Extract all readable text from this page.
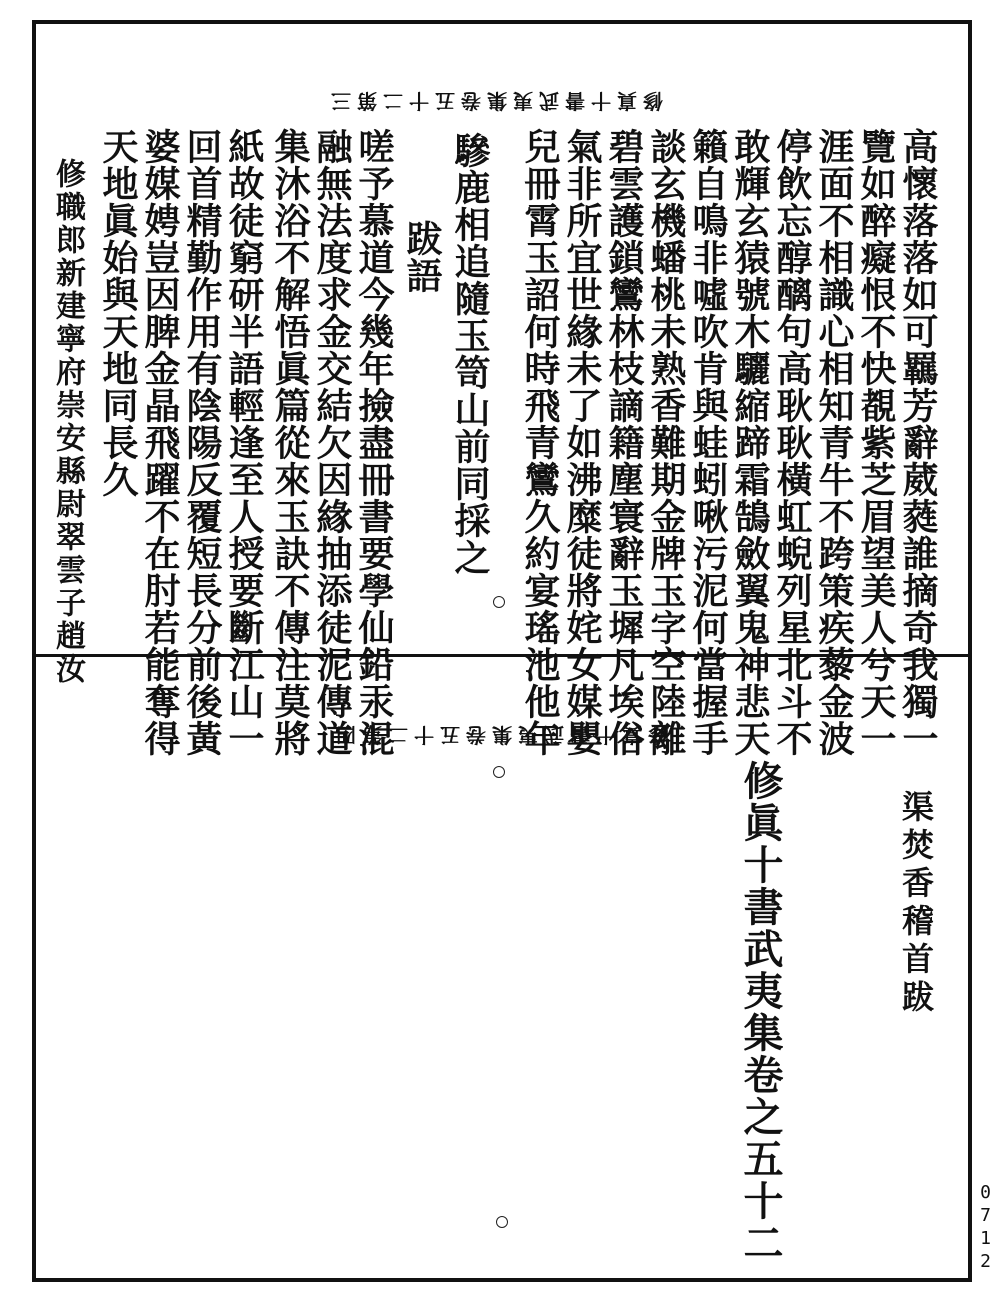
修真十書武夷集卷五十二第三
高懷落落如可羈芳辭葳蕤誰摘奇我獨一
覽如醉癡恨不快覩紫芝眉望美人兮天一
涯面不相識心相知青牛不跨策疾藜金波
停飲忘醇醨句高耿耿橫虹蜺列星北斗不
敢輝玄猿號木驪縮蹄霜鵠斂翼鬼神悲天
籟自鳴非噓吹肯與蛙蚓啾污泥何當握手
談玄機蟠桃未熟香難期金牌玉字空陸離
碧雲護鎖鸞林枝謫籍塵寰辭玉墀凡埃俗
氣非所宜世緣未了如沸糜徒將姹女媒嬰
兒冊霄玉詔何時飛青鸞久約宴瑤池他年
驂鹿相追隨玉笥山前同採之
跋語
嗟予慕道今幾年撿盡冊書要學仙鉛汞混
融無法度求金交結欠因緣抽添徒泥傳道
集沐浴不解悟眞篇從來玉訣不傳注莫將
紙故徒窮研半語輕逢至人授要斷江山一
回首精勤作用有陰陽反覆短長分前後黃
婆媒娉豈因脾金晶飛躍不在肘若能奪得
天地眞始與天地同長久
修職郎新建寧府崇安縣尉翠雲子趙汝
修真十書武夷集卷五十二第四
渠焚香稽首跋
修眞十書武夷集卷之五十二	0712
